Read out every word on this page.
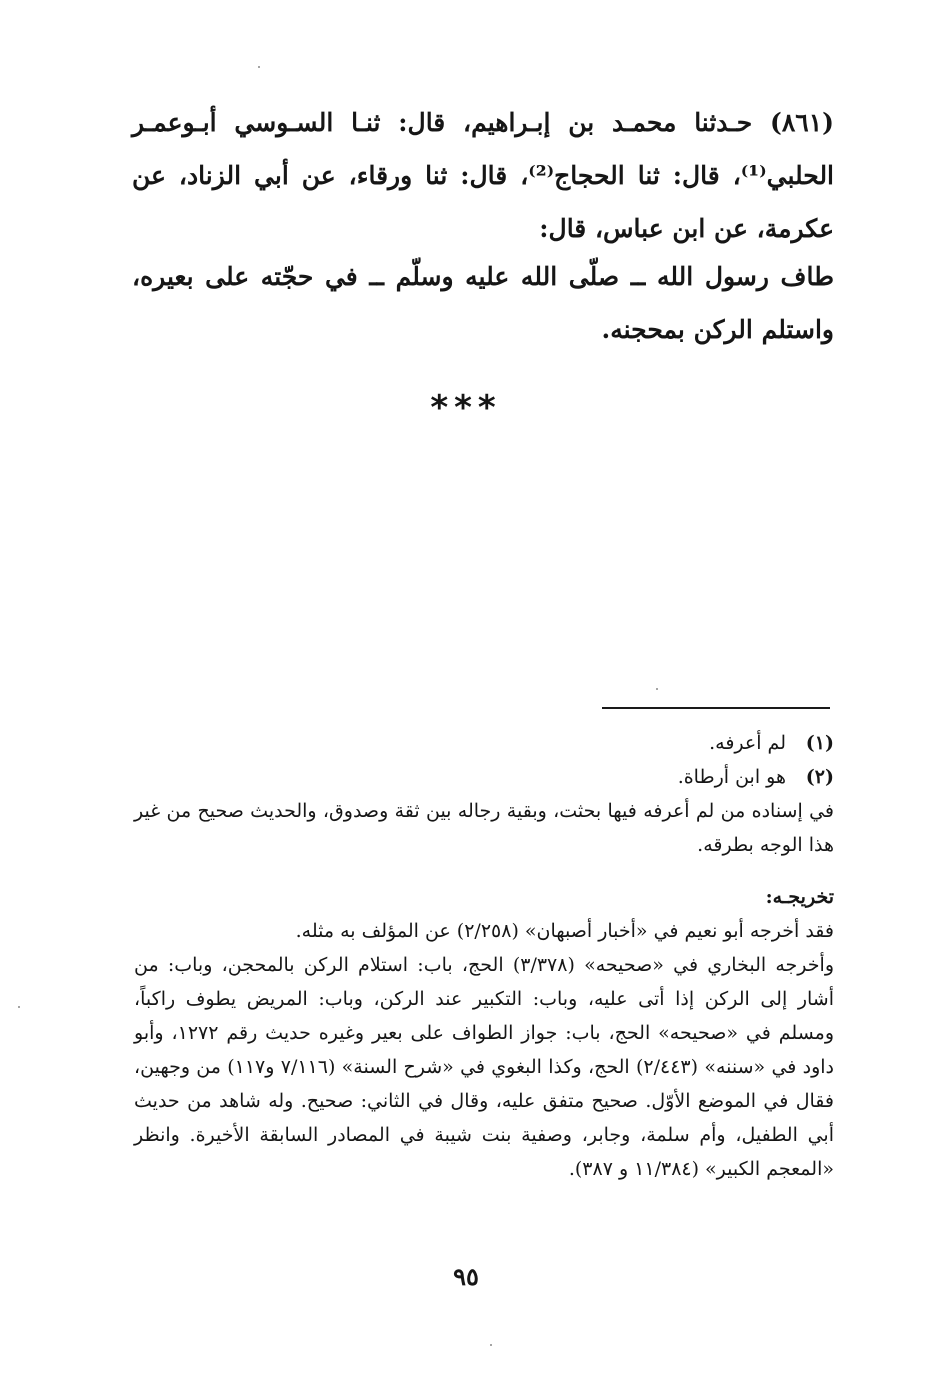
(٨٦١) حـدثنا محمـد بن إبـراهيم، قال: ثنـا السـوسي أبـوعمـر الحلبي⁽¹⁾، قال: ثنا الحجاج⁽²⁾، قال: ثنا ورقاء، عن أبي الزناد، عن عكرمة، عن ابن عباس، قال:

طاف رسول الله ــ صلّى الله عليه وسلّم ــ في حجّته على بعيره، واستلم الركن بمحجنه.

***
(١)
لم أعرفه.
(٢)
هو ابن أرطاة.

في إسناده من لم أعرفه فيها بحثت، وبقية رجاله بين ثقة وصدوق، والحديث صحيح من غير هذا الوجه بطرقه.

تخريجـه:

فقد أخرجه أبو نعيم في «أخبار أصبهان» (٢/٢٥٨) عن المؤلف به مثله.

وأخرجه البخاري في «صحيحه» (٣/٣٧٨) الحج، باب: استلام الركن بالمحجن، وباب: من أشار إلى الركن إذا أتى عليه، وباب: التكبير عند الركن، وباب: المريض يطوف راكباً، ومسلم في «صحيحه» الحج، باب: جواز الطواف على بعير وغيره حديث رقم ١٢٧٢، وأبو داود في «سننه» (٢/٤٤٣) الحج، وكذا البغوي في «شرح السنة» (٧/١١٦ و١١٧) من وجهين، فقال في الموضع الأوّل. صحيح متفق عليه، وقال في الثاني: صحيح. وله شاهد من حديث أبي الطفيل، وأم سلمة، وجابر، وصفية بنت شيبة في المصادر السابقة الأخيرة. وانظر «المعجم الكبير» (١١/٣٨٤ و ٣٨٧).

٩٥
